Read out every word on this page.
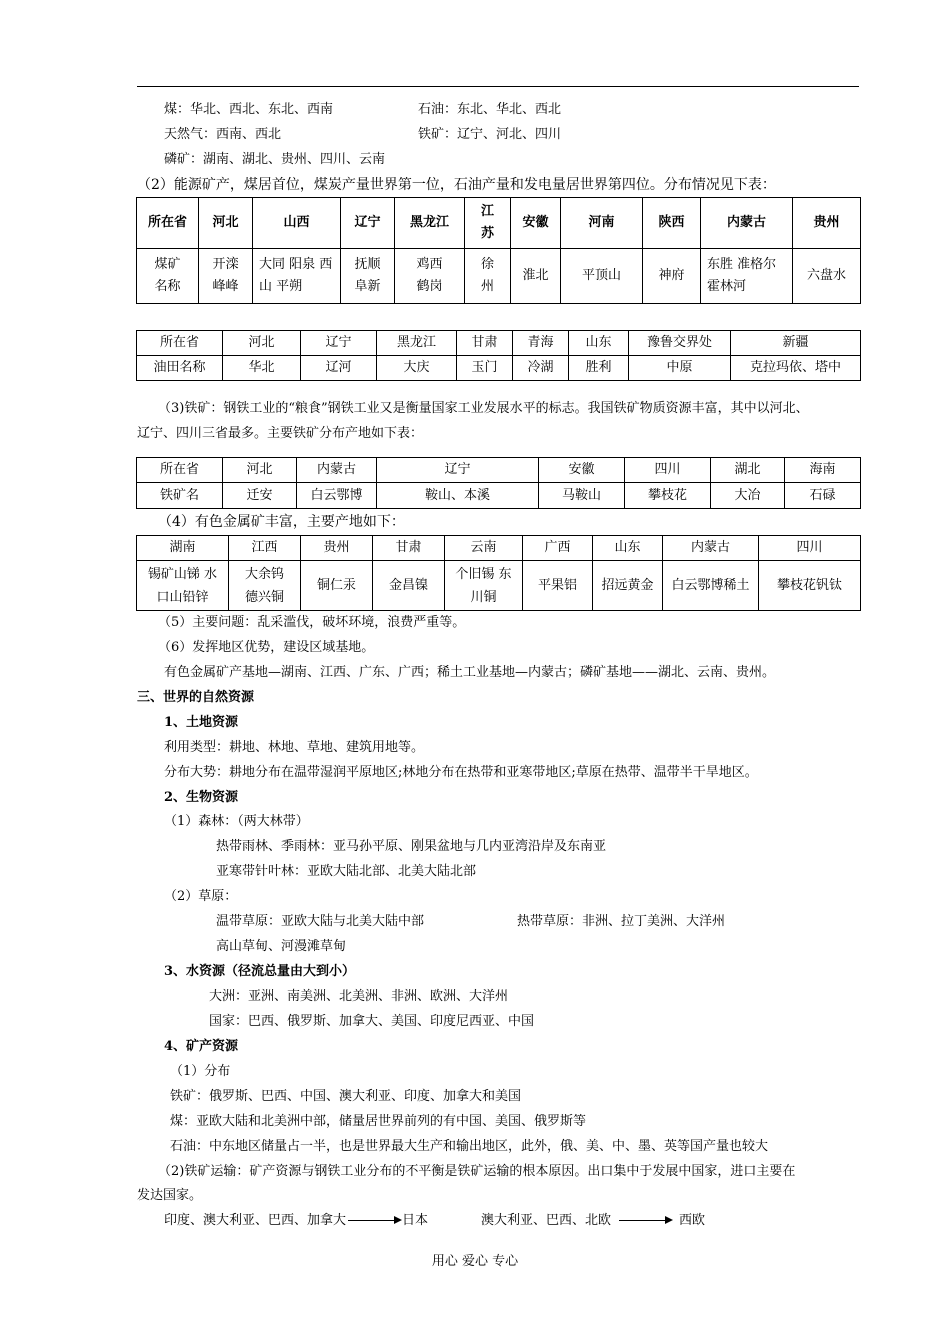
煤：华北、西北、东北、西南	石油：东北、华北、西北
天然气：西南、西北	铁矿：辽宁、河北、四川
磷矿：湖南、湖北、贵州、四川、云南
（2）能源矿产，煤居首位，煤炭产量世界第一位，石油产量和发电量居世界第四位。分布情况见下表：
所在省	河北	山西	辽宁	黑龙江	江苏	安徽	河南	陕西	内蒙古	贵州
煤矿名称	开滦峰峰	大同 阳泉 西山 平朔	抚顺阜新	鸡西鹤岗	徐州	淮北	平顶山	神府	东胜 准格尔 霍林河	六盘水
所在省	河北	辽宁	黑龙江	甘肃	青海	山东	豫鲁交界处	新疆
油田名称	华北	辽河	大庆	玉门	冷湖	胜利	中原	克拉玛依、塔中
（3)铁矿：钢铁工业的“粮食”钢铁工业又是衡量国家工业发展水平的标志。我国铁矿物质资源丰富，其中以河北、
辽宁、四川三省最多。主要铁矿分布产地如下表：
所在省	河北	内蒙古	辽宁	安徽	四川	湖北	海南
铁矿名	迁安	白云鄂博	鞍山、本溪	马鞍山	攀枝花	大冶	石碌
（4）有色金属矿丰富，主要产地如下：
湖南	江西	贵州	甘肃	云南	广西	山东	内蒙古	四川
锡矿山锑 水口山铅锌	大余钨 德兴铜	铜仁汞	金昌镍	个旧锡 东川铜	平果铝	招远黄金	白云鄂博稀土	攀枝花钒钛
（5）主要问题：乱采滥伐，破坏环境，浪费严重等。
（6）发挥地区优势，建设区域基地。
有色金属矿产基地—湖南、江西、广东、广西；稀土工业基地—内蒙古；磷矿基地——湖北、云南、贵州。
三、世界的自然资源
1、土地资源
利用类型：耕地、林地、草地、建筑用地等。
分布大势：耕地分布在温带湿润平原地区;林地分布在热带和亚寒带地区;草原在热带、温带半干旱地区。
2、生物资源
（1）森林：（两大林带）
热带雨林、季雨林：亚马孙平原、刚果盆地与几内亚湾沿岸及东南亚
亚寒带针叶林：亚欧大陆北部、北美大陆北部
（2）草原：
温带草原：亚欧大陆与北美大陆中部	热带草原：非洲、拉丁美洲、大洋州
高山草甸、河漫滩草甸
3、水资源（径流总量由大到小）
大洲：亚洲、南美洲、北美洲、非洲、欧洲、大洋州
国家：巴西、俄罗斯、加拿大、美国、印度尼西亚、中国
4、矿产资源
（1）分布
铁矿：俄罗斯、巴西、中国、澳大利亚、印度、加拿大和美国
煤：亚欧大陆和北美洲中部，储量居世界前列的有中国、美国、俄罗斯等
石油：中东地区储量占一半，也是世界最大生产和输出地区，此外，俄、美、中、墨、英等国产量也较大
（2)铁矿运输：矿产资源与钢铁工业分布的不平衡是铁矿运输的根本原因。出口集中于发展中国家，进口主要在
发达国家。
印度、澳大利亚、巴西、加拿大	日本	澳大利亚、巴西、北欧	西欧
用心 爱心 专心
